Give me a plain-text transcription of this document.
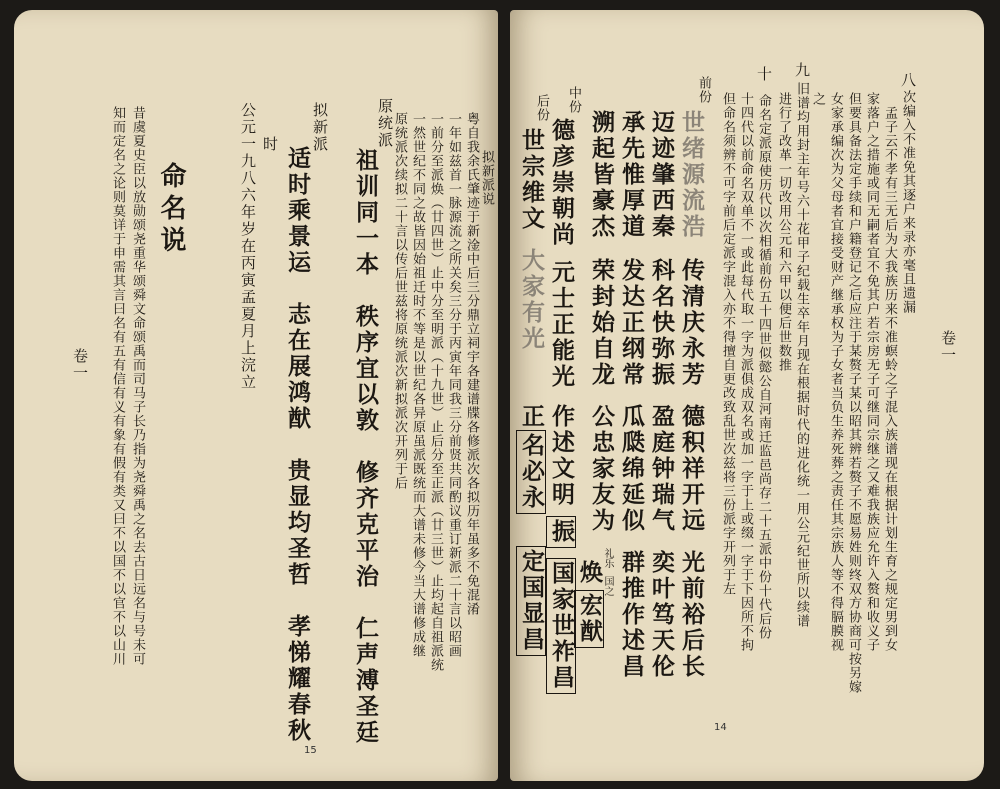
15
卷一	昔虞夏史臣以放勋颂尧重华颂舜文命颂禹而司马子长乃指为尧舜禹之名去古日远名与号未可
知而定名之论则莫详于申需其言曰名有五有信有义有象有假有类又曰不以国不以官不以山川 命名说	公元一九八六年岁在丙寅孟夏月上浣立 时
适时乘景运　志在展鸿猷　贵显均圣哲　孝悌耀春秋
拟新派	原统派次续拟二十言以传后世兹将原统派次新拟派次开列于后 一然世纪不同之故皆因始祖迁时不等是以世纪各异原虽派既统而大谱未修今当大谱修成继 一前分至派焕（廿四世）止中分至明派（十九世）止后分至正派（廿三世）止均起自祖派统 一年如兹首一脉源流之所关矣三分于丙寅年同我三分前贤共同酌议重订新派二十言以昭画 粤自我余氏肇迹于新淦中后三分鼎立祠宇各建谱牒各修派次各拟历年虽多不免混淆 拟新派说
祖训同一本　秩序宜以敦　修齐克平治　仁声溥圣廷
原统派
14
卷一
八
次编入不准免其逐户来录亦毫且遗漏
孟子云不孝有三无后为大我族历来不准螟蛉之子混入族谱现在根据计划生育之规定男到女
家落户之措施或同无嗣者宜不免其户若宗房无子可继同宗继之又难我族应允许入赘和收义子
但要具备法定手续和户籍登记之后应注于某赘子某以昭其辨若赘子不愿易姓则终双方协商可按另嫁
女家承编次为父母者宜接受财产继承权为子女者当负生养死葬之责任其宗族人等不得膈膜视
之
九
旧谱均用封主年号六十花甲子纪载生卒年月现在根据时代的进化统一用公元纪世所以续谱
进行了改革一切改用公元和六甲以便后世数推
十
命名定派原使历代以次相循前份五十四世似懿公自河南迁监邑尚存二十五派中份十代后份
十四代以前命名双单不一或此每代取一字为派俱成双名或加一字于上或缀一字于下因所不拘
但命名须辨不可字前后定派字混入亦不得擅自更改致乱世次兹将三份派字开列于左
前份
世绪源流浩
传清庆永芳
德积祥开远
光前裕后长
迈迹肇西秦
科名快弥振
盈庭钟瑞气
奕叶笃天伦
承先惟厚道
发达正纲常
瓜瓞绵延似
群推作述昌
溯起皆豪杰
荣封始自龙
公忠家友为
礼乐
国之
焕
宏猷
中份
德彦崇朝尚
元士正能光
作述文明
振
国家世祚昌
后份
世宗维文
大家有光
正
名必永
定国显昌
